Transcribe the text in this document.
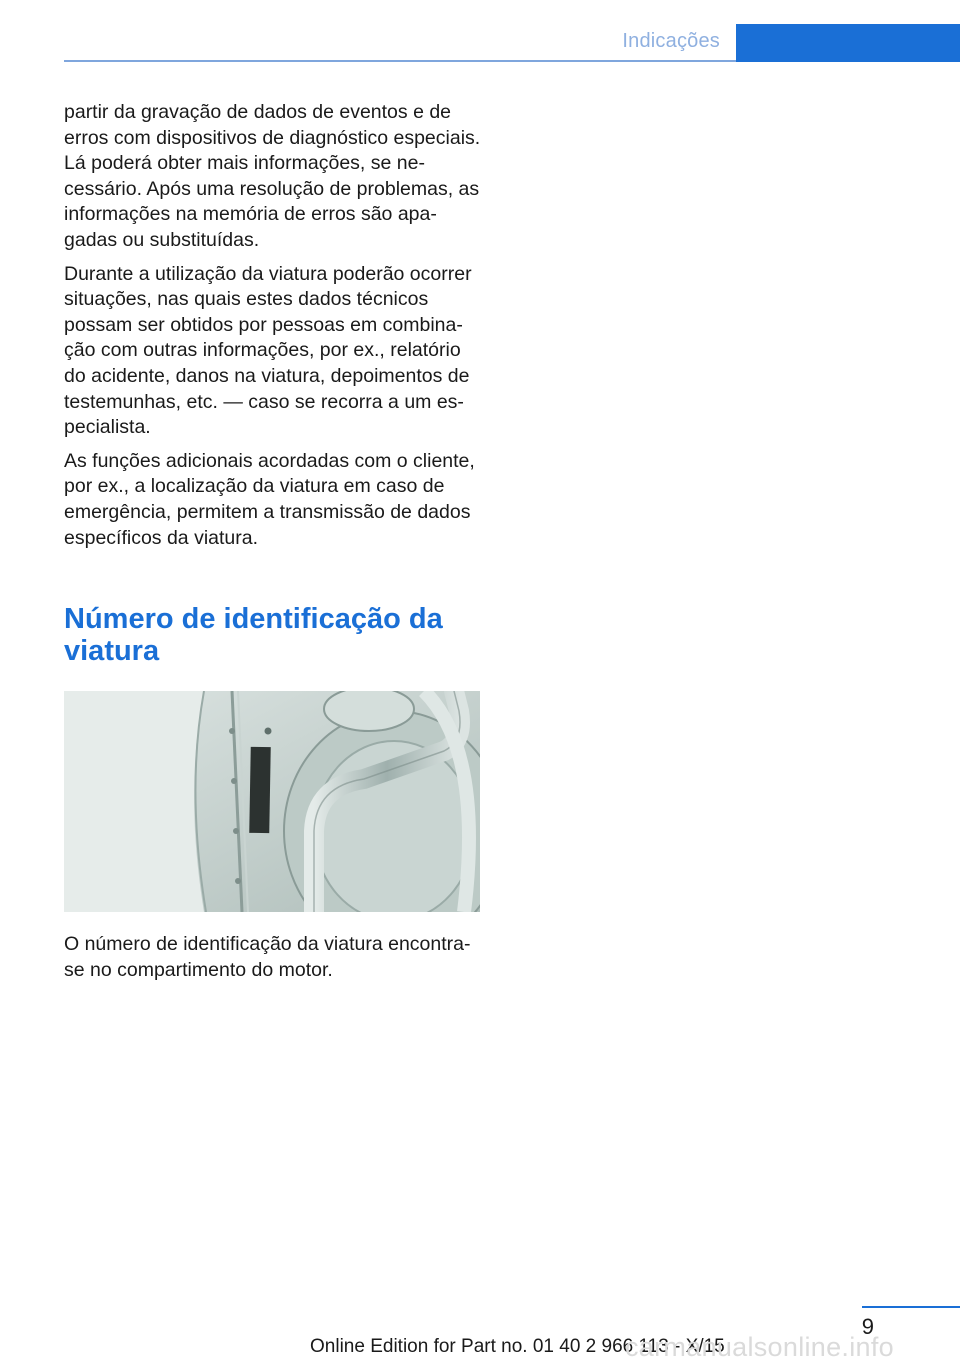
Indicações

partir da gravação de dados de eventos e de erros com dispositivos de diagnóstico especiais. Lá poderá obter mais informações, se necessário. Após uma resolução de problemas, as informações na memória de erros são apagadas ou substituídas.

Durante a utilização da viatura poderão ocorrer situações, nas quais estes dados técnicos possam ser obtidos por pessoas em combinação com outras informações, por ex., relatório do acidente, danos na viatura, depoimentos de testemunhas, etc. — caso se recorra a um especialista.

As funções adicionais acordadas com o cliente, por ex., a localização da viatura em caso de emergência, permitem a transmissão de dados específicos da viatura.

Número de identificação da viatura

O número de identificação da viatura encontra-se no compartimento do motor.

9
Online Edition for Part no. 01 40 2 966 113 - X/15
carmanualsonline.info
